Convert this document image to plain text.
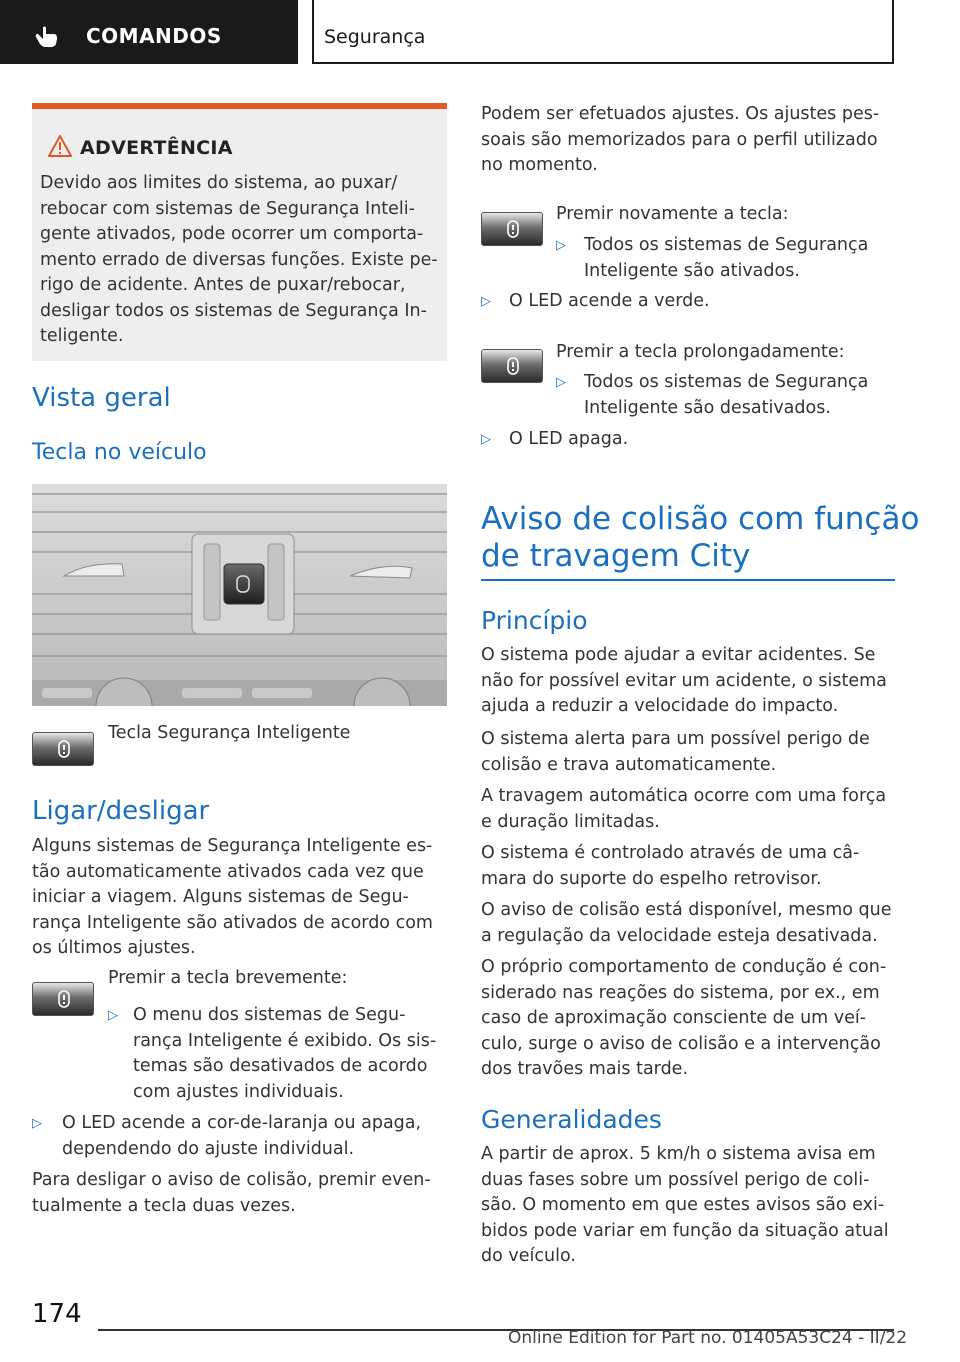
COMANDOS	Segurança
ADVERTÊNCIA
Devido aos limites do sistema, ao puxar/
rebocar com sistemas de Segurança Inteli-
gente ativados, pode ocorrer um comporta-
mento errado de diversas funções. Existe pe-
rigo de acidente. Antes de puxar/rebocar,
desligar todos os sistemas de Segurança In-
teligente.
Vista geral
Tecla no veículo
Tecla Segurança Inteligente
Ligar/desligar
Alguns sistemas de Segurança Inteligente es-
tão automaticamente ativados cada vez que
iniciar a viagem. Alguns sistemas de Segu-
rança Inteligente são ativados de acordo com
os últimos ajustes.
Premir a tecla brevemente:
▷ O menu dos sistemas de Segu-
rança Inteligente é exibido. Os sis-
temas são desativados de acordo
com ajustes individuais.
▷ O LED acende a cor-de-laranja ou apaga,
dependendo do ajuste individual.
Para desligar o aviso de colisão, premir even-
tualmente a tecla duas vezes.
Podem ser efetuados ajustes. Os ajustes pes-
soais são memorizados para o perfil utilizado
no momento.
Premir novamente a tecla:
▷ Todos os sistemas de Segurança
Inteligente são ativados.
▷ O LED acende a verde.
Premir a tecla prolongadamente:
▷ Todos os sistemas de Segurança
Inteligente são desativados.
▷ O LED apaga.
Aviso de colisão com função
de travagem City
Princípio
O sistema pode ajudar a evitar acidentes. Se
não for possível evitar um acidente, o sistema
ajuda a reduzir a velocidade do impacto.
O sistema alerta para um possível perigo de
colisão e trava automaticamente.
A travagem automática ocorre com uma força
e duração limitadas.
O sistema é controlado através de uma câ-
mara do suporte do espelho retrovisor.
O aviso de colisão está disponível, mesmo que
a regulação da velocidade esteja desativada.
O próprio comportamento de condução é con-
siderado nas reações do sistema, por ex., em
caso de aproximação consciente de um veí-
culo, surge o aviso de colisão e a intervenção
dos travões mais tarde.
Generalidades
A partir de aprox. 5 km/h o sistema avisa em
duas fases sobre um possível perigo de coli-
são. O momento em que estes avisos são exi-
bidos pode variar em função da situação atual
do veículo.
174
Online Edition for Part no. 01405A53C24 - II/22
